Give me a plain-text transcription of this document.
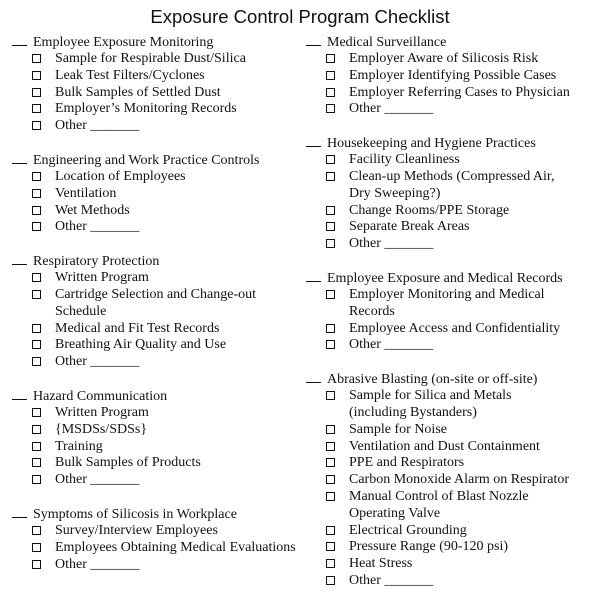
Exposure Control Program Checklist
Employee Exposure Monitoring
Sample for Respirable Dust/Silica
Leak Test Filters/Cyclones
Bulk Samples of Settled Dust
Employer’s Monitoring Records
Other _______
Engineering and Work Practice Controls
Location of Employees
Ventilation
Wet Methods
Other _______
Respiratory Protection
Written Program
Cartridge Selection and Change-out
Schedule
Medical and Fit Test Records
Breathing Air Quality and Use
Other _______
Hazard Communication
Written Program
{MSDSs/SDSs}
Training
Bulk Samples of Products
Other _______
Symptoms of Silicosis in Workplace
Survey/Interview Employees
Employees Obtaining Medical Evaluations
Other _______
Medical Surveillance
Employer Aware of Silicosis Risk
Employer Identifying Possible Cases
Employer Referring Cases to Physician
Other _______
Housekeeping and Hygiene Practices
Facility Cleanliness
Clean-up Methods (Compressed Air,
Dry Sweeping?)
Change Rooms/PPE Storage
Separate Break Areas
Other _______
Employee Exposure and Medical Records
Employer Monitoring and Medical
Records
Employee Access and Confidentiality
Other _______
Abrasive Blasting (on-site or off-site)
Sample for Silica and Metals
(including Bystanders)
Sample for Noise
Ventilation and Dust Containment
PPE and Respirators
Carbon Monoxide Alarm on Respirator
Manual Control of Blast Nozzle
Operating Valve
Electrical Grounding
Pressure Range (90-120 psi)
Heat Stress
Other _______
